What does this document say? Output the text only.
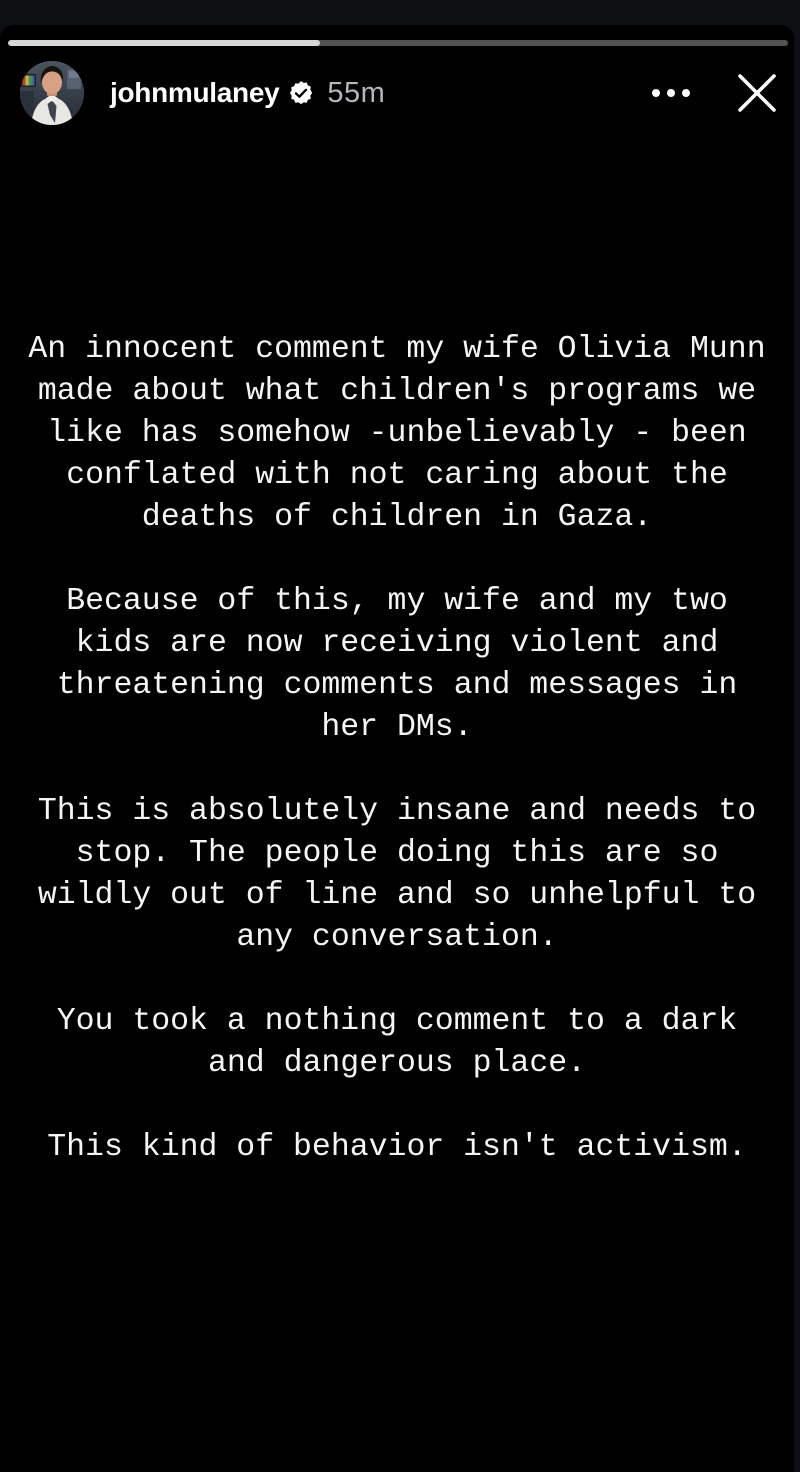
johnmulaney 55m
An innocent comment my wife Olivia Munn
made about what children's programs we
like has somehow -unbelievably - been
conflated with not caring about the
deaths of children in Gaza.
Because of this, my wife and my two
kids are now receiving violent and
threatening comments and messages in
her DMs.
This is absolutely insane and needs to
stop. The people doing this are so
wildly out of line and so unhelpful to
any conversation.
You took a nothing comment to a dark
and dangerous place.
This kind of behavior isn't activism.
